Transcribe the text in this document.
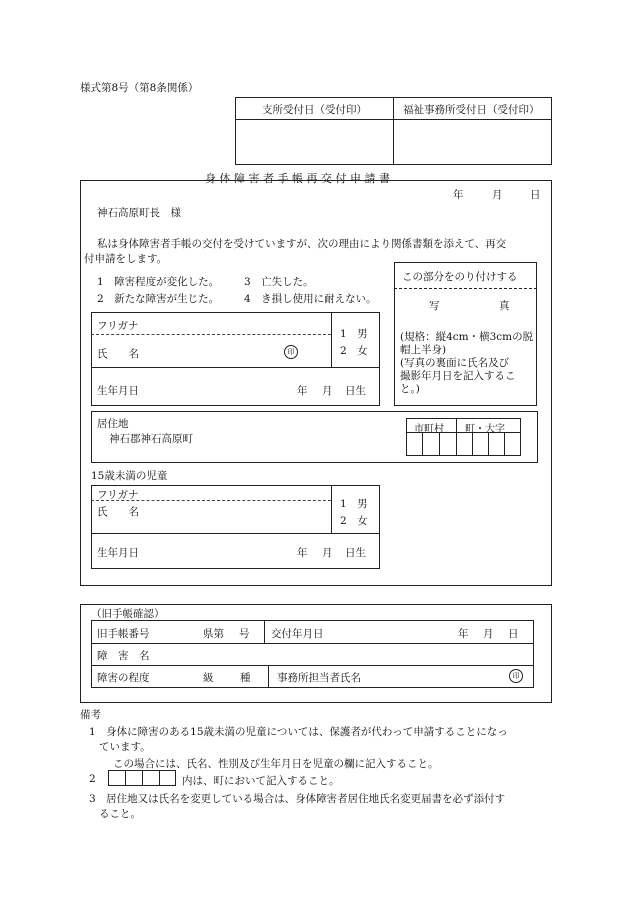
様式第8号（第8条関係）
支所受付日（受付印）	福祉事務所受付日（受付印）
身 体 障 害 者 手 帳 再 交 付 申 請 書
年	月	日
神石高原町長　様
私は身体障害者手帳の交付を受けていますが、次の理由により関係書類を添えて、再交
付申請をします。
1　障害程度が変化した。 3　亡失した。
2　新たな障害が生じた。 4　き損し使用に耐えない。
この部分をのり付けする
写	真
(規格：縦4cm・横3cmの脱
帽上半身)
(写真の裏面に氏名及び
撮影年月日を記入するこ
と。)
フリガナ
氏　　名	印
1　男
2　女
生年月日	年 月 日生
居住地
神石郡神石高原町
市町村 町・大字
15歳未満の児童
フリガナ
氏　　名
1　男
2　女
生年月日	年 月 日生
（旧手帳確認）
旧手帳番号	県第 号 交付年月日	年 月 日
障　害　名
障害の程度	級	種	事務所担当者氏名	印
備考
1　身体に障害のある15歳未満の児童については、保護者が代わって申請することになっ
ています。
この場合には、氏名、性別及び生年月日を児童の欄に記入すること。
2	内は、町において記入すること。
3　居住地又は氏名を変更している場合は、身体障害者居住地氏名変更届書を必ず添付す
ること。
